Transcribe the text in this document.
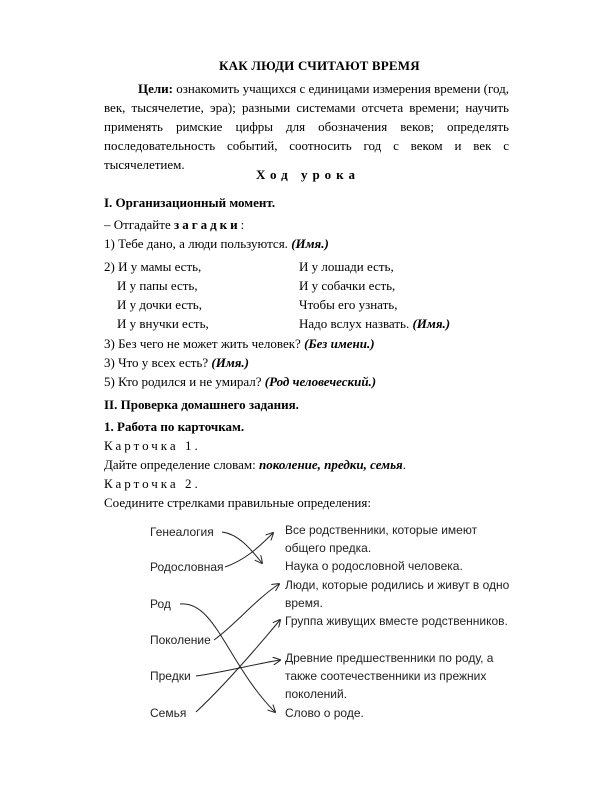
КАК ЛЮДИ СЧИТАЮТ ВРЕМЯ
Цели: ознакомить учащихся с единицами измерения времени (год, век, тысячелетие, эра); разными системами отсчета времени; научить применять римские цифры для обозначения веков; определять последовательность событий, соотносить год с веком и век с тысячелетием.
Ход урока
I. Организационный момент.
– Отгадайте загадки:
1) Тебе дано, а люди пользуются. (Имя.)
2) И у мамы есть,
И у папы есть,
И у дочки есть,
И у внучки есть,
И у лошади есть,
И у собачки есть,
Чтобы его узнать,
Надо вслух назвать. (Имя.)
3) Без чего не может жить человек? (Без имени.)
3) Что у всех есть? (Имя.)
5) Кто родился и не умирал? (Род человеческий.)
II. Проверка домашнего задания.
1. Работа по карточкам.
Карточка 1.
Дайте определение словам: поколение, предки, семья.
Карточка 2.
Соедините стрелками правильные определения:
Генеалогия
Родословная
Род
Поколение
Предки
Семья
Все родственники, которые имеют общего предка.
Наука о родословной человека.
Люди, которые родились и живут в одно время.
Группа живущих вместе родственников.
Древние предшественники по роду, а также соотечественники из прежних поколений.
Слово о роде.
